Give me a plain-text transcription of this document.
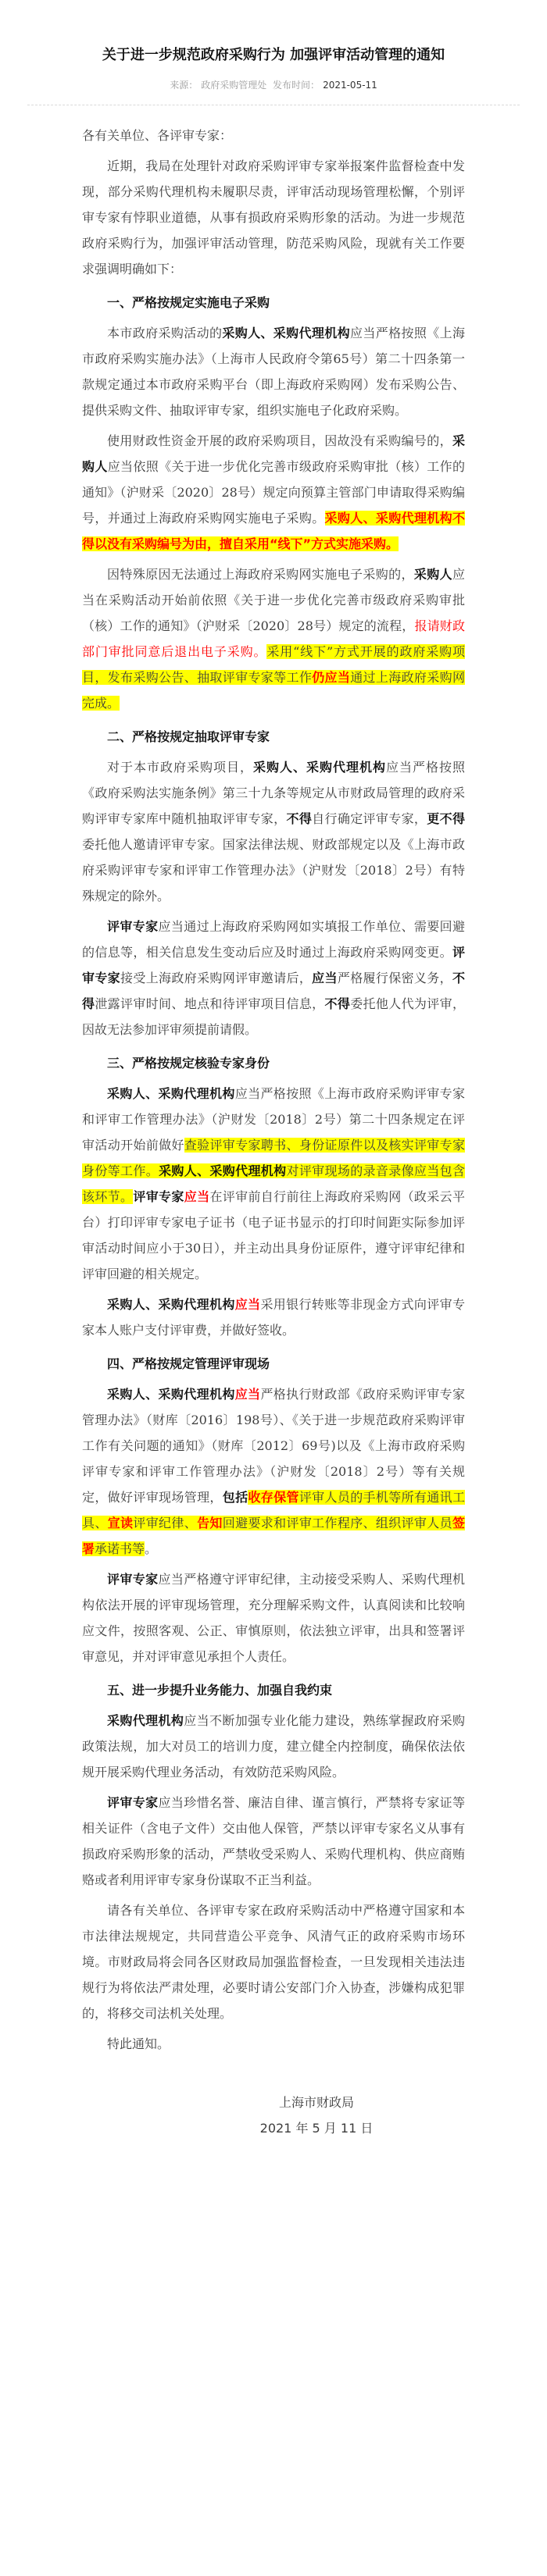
关于进一步规范政府采购行为 加强评审活动管理的通知
来源： 政府采购管理处 发布时间： 2021-05-11

各有关单位、各评审专家：

近期，我局在处理针对政府采购评审专家举报案件监督检查中发现，部分采购代理机构未履职尽责，评审活动现场管理松懈，个别评审专家有悖职业道德，从事有损政府采购形象的活动。为进一步规范政府采购行为，加强评审活动管理，防范采购风险，现就有关工作要求强调明确如下：

一、严格按规定实施电子采购

本市政府采购活动的采购人、采购代理机构应当严格按照《上海市政府采购实施办法》（上海市人民政府令第65号）第二十四条第一款规定通过本市政府采购平台（即上海政府采购网）发布采购公告、提供采购文件、抽取评审专家，组织实施电子化政府采购。

使用财政性资金开展的政府采购项目，因故没有采购编号的，采购人应当依照《关于进一步优化完善市级政府采购审批（核）工作的通知》（沪财采〔2020〕28号）规定向预算主管部门申请取得采购编号，并通过上海政府采购网实施电子采购。采购人、采购代理机构不得以没有采购编号为由，擅自采用“线下”方式实施采购。

因特殊原因无法通过上海政府采购网实施电子采购的，采购人应当在采购活动开始前依照《关于进一步优化完善市级政府采购审批（核）工作的通知》（沪财采〔2020〕28号）规定的流程，报请财政部门审批同意后退出电子采购。采用“线下”方式开展的政府采购项目，发布采购公告、抽取评审专家等工作仍应当通过上海政府采购网完成。

二、严格按规定抽取评审专家

对于本市政府采购项目，采购人、采购代理机构应当严格按照《政府采购法实施条例》第三十九条等规定从市财政局管理的政府采购评审专家库中随机抽取评审专家，不得自行确定评审专家，更不得委托他人邀请评审专家。国家法律法规、财政部规定以及《上海市政府采购评审专家和评审工作管理办法》（沪财发〔2018〕2号）有特殊规定的除外。

评审专家应当通过上海政府采购网如实填报工作单位、需要回避的信息等，相关信息发生变动后应及时通过上海政府采购网变更。评审专家接受上海政府采购网评审邀请后，应当严格履行保密义务，不得泄露评审时间、地点和待评审项目信息，不得委托他人代为评审，因故无法参加评审须提前请假。

三、严格按规定核验专家身份

采购人、采购代理机构应当严格按照《上海市政府采购评审专家和评审工作管理办法》（沪财发〔2018〕2号）第二十四条规定在评审活动开始前做好查验评审专家聘书、身份证原件以及核实评审专家身份等工作。采购人、采购代理机构对评审现场的录音录像应当包含该环节。评审专家应当在评审前自行前往上海政府采购网（政采云平台）打印评审专家电子证书（电子证书显示的打印时间距实际参加评审活动时间应小于30日），并主动出具身份证原件，遵守评审纪律和评审回避的相关规定。

采购人、采购代理机构应当采用银行转账等非现金方式向评审专家本人账户支付评审费，并做好签收。

四、严格按规定管理评审现场

采购人、采购代理机构应当严格执行财政部《政府采购评审专家管理办法》（财库〔2016〕198号）、《关于进一步规范政府采购评审工作有关问题的通知》（财库〔2012〕69号)以及《上海市政府采购评审专家和评审工作管理办法》（沪财发〔2018〕2号）等有关规定，做好评审现场管理，包括收存保管评审人员的手机等所有通讯工具、宣读评审纪律、告知回避要求和评审工作程序、组织评审人员签署承诺书等。

评审专家应当严格遵守评审纪律，主动接受采购人、采购代理机构依法开展的评审现场管理，充分理解采购文件，认真阅读和比较响应文件，按照客观、公正、审慎原则，依法独立评审，出具和签署评审意见，并对评审意见承担个人责任。

五、进一步提升业务能力、加强自我约束

采购代理机构应当不断加强专业化能力建设，熟练掌握政府采购政策法规，加大对员工的培训力度，建立健全内控制度，确保依法依规开展采购代理业务活动，有效防范采购风险。

评审专家应当珍惜名誉、廉洁自律、谨言慎行，严禁将专家证等相关证件（含电子文件）交由他人保管，严禁以评审专家名义从事有损政府采购形象的活动，严禁收受采购人、采购代理机构、供应商贿赂或者利用评审专家身份谋取不正当利益。

请各有关单位、各评审专家在政府采购活动中严格遵守国家和本市法律法规规定，共同营造公平竞争、风清气正的政府采购市场环境。市财政局将会同各区财政局加强监督检查，一旦发现相关违法违规行为将依法严肃处理，必要时请公安部门介入协查，涉嫌构成犯罪的，将移交司法机关处理。

特此通知。

上海市财政局
2021 年 5 月 11 日
